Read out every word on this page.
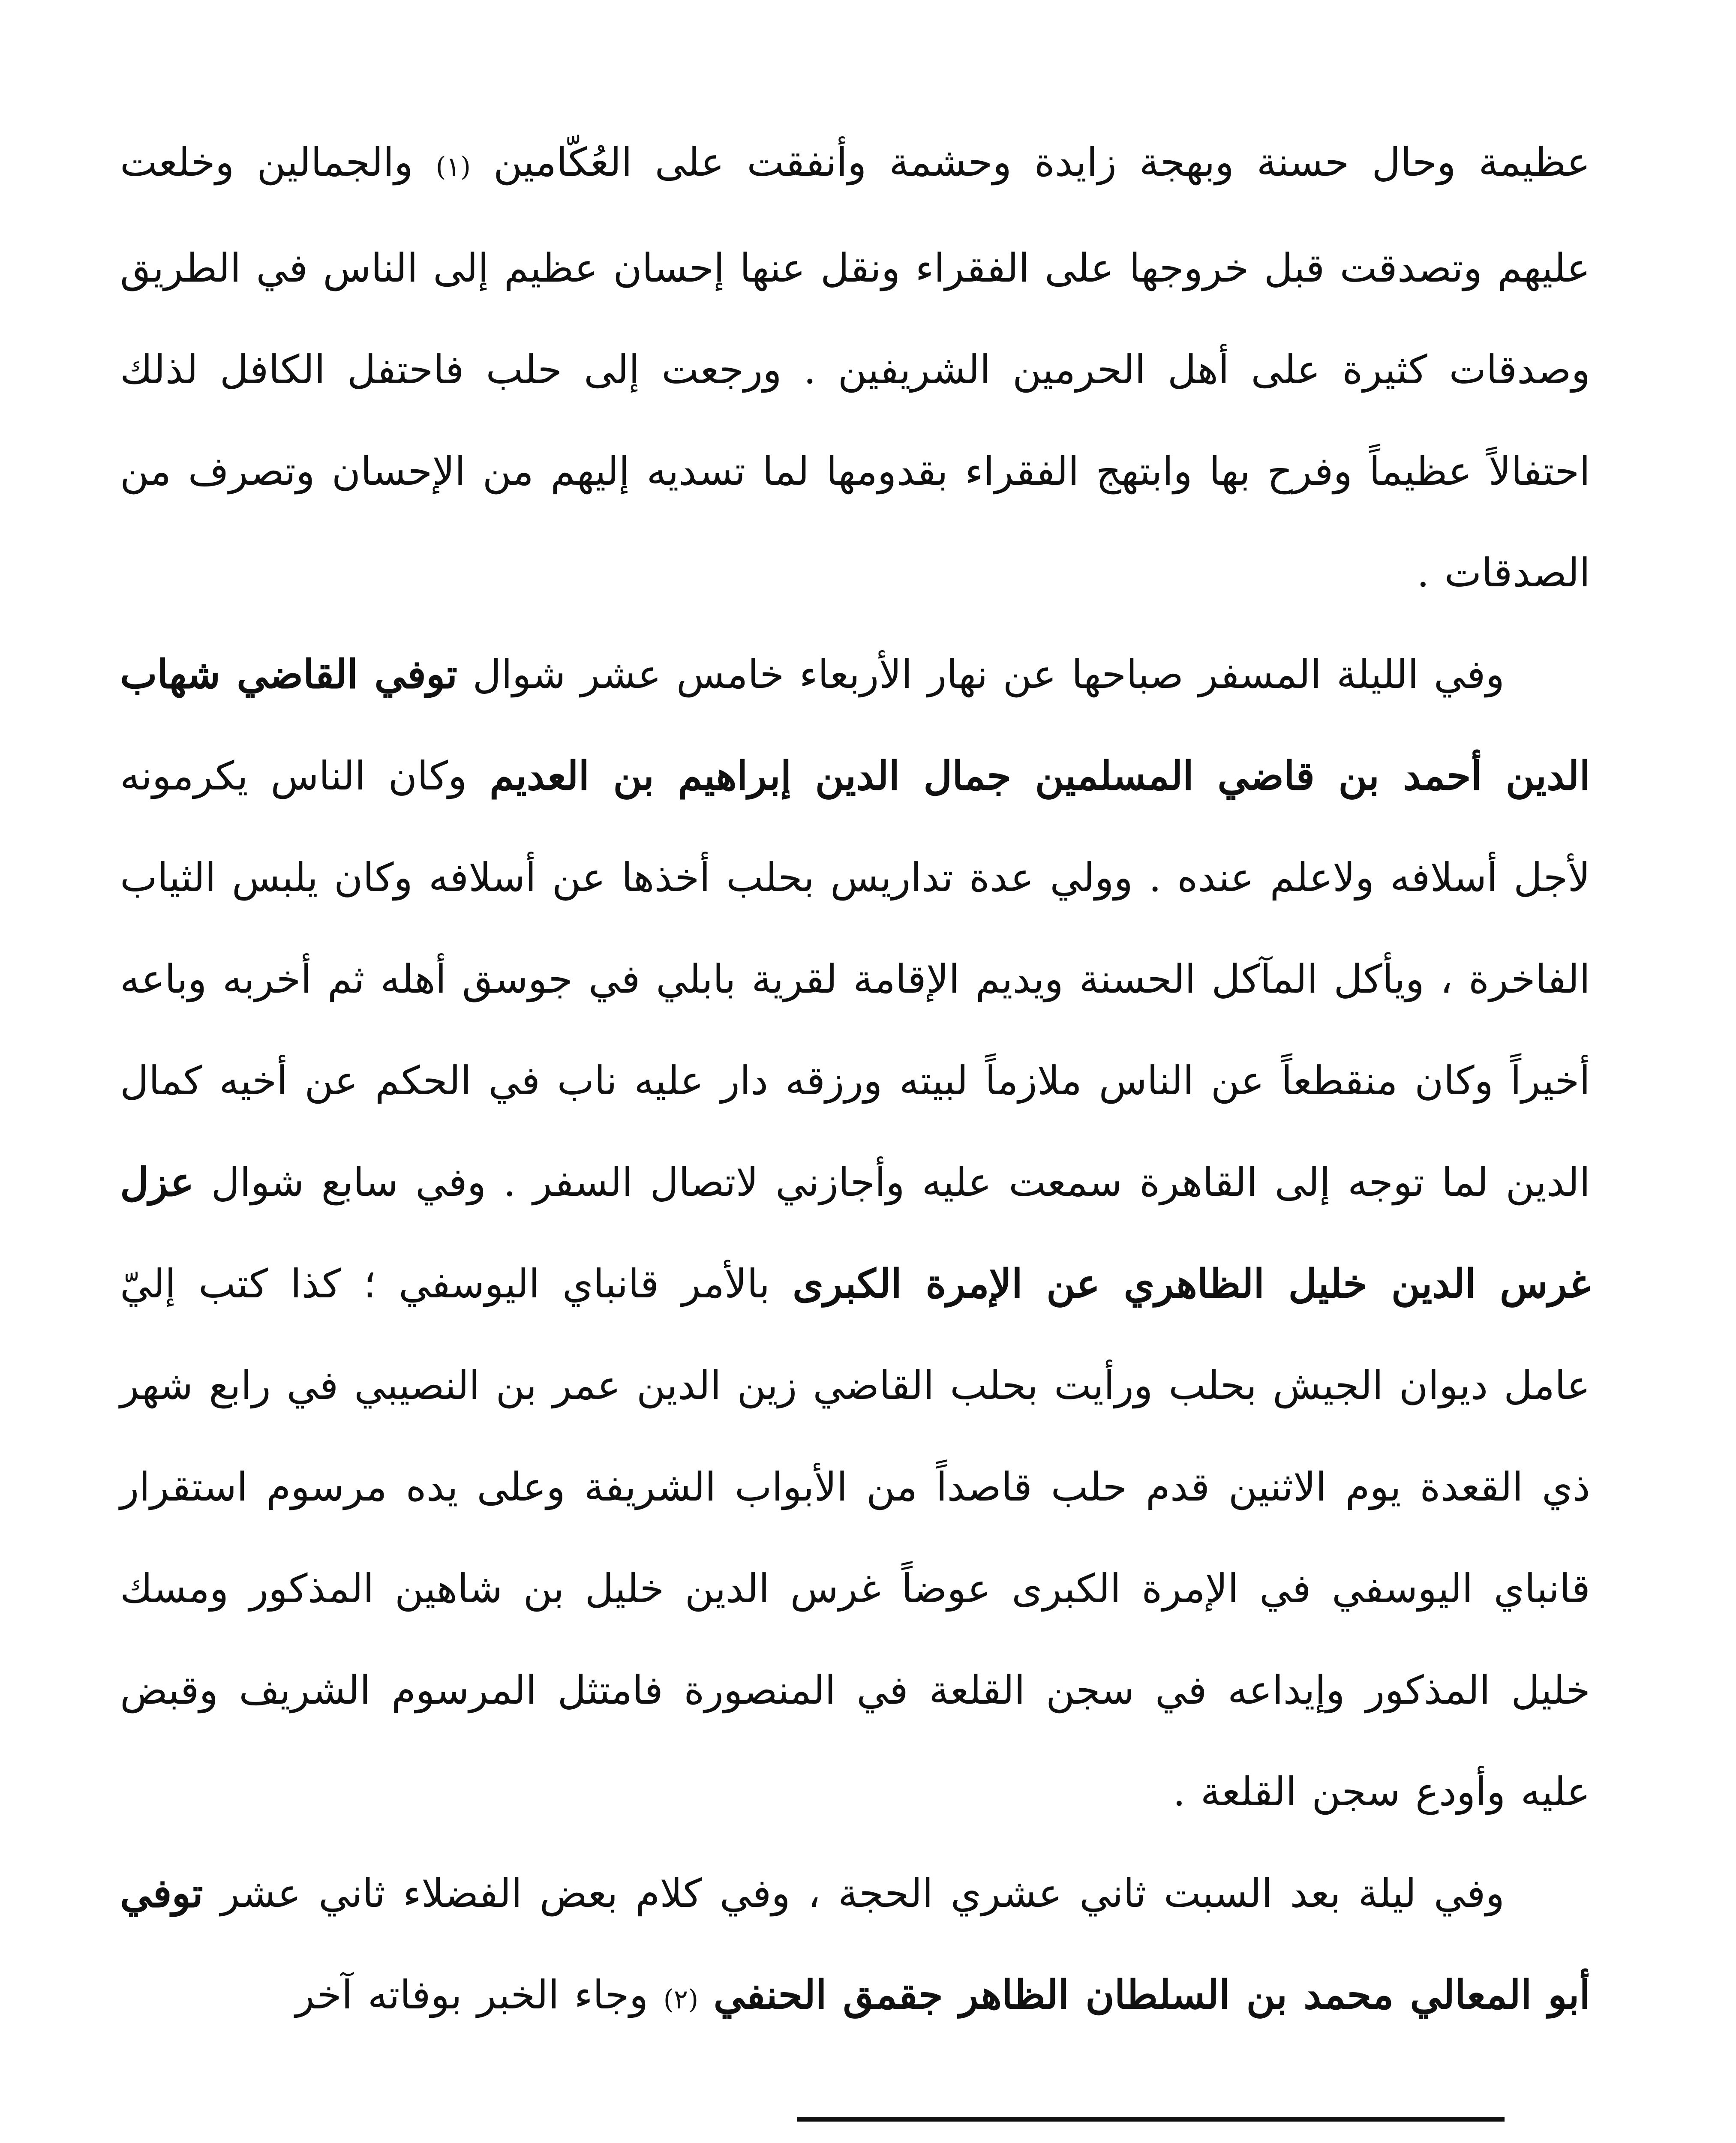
عظيمة وحال حسنة وبهجة زايدة وحشمة وأنفقت على العُكّامين (١) والجمالين وخلعت عليهم وتصدقت قبل خروجها على الفقراء ونقل عنها إحسان عظيم إلى الناس في الطريق وصدقات كثيرة على أهل الحرمين الشريفين . ورجعت إلى حلب فاحتفل الكافل لذلك احتفالاً عظيماً وفرح بها وابتهج الفقراء بقدومها لما تسديه إليهم من الإحسان وتصرف من الصدقات .

وفي الليلة المسفر صباحها عن نهار الأربعاء خامس عشر شوال توفي القاضي شهاب الدين أحمد بن قاضي المسلمين جمال الدين إبراهيم بن العديم وكان الناس يكرمونه لأجل أسلافه ولاعلم عنده . وولي عدة تداريس بحلب أخذها عن أسلافه وكان يلبس الثياب الفاخرة ، ويأكل المآكل الحسنة ويديم الإقامة لقرية بابلي في جوسق أهله ثم أخربه وباعه أخيراً وكان منقطعاً عن الناس ملازماً لبيته ورزقه دار عليه ناب في الحكم عن أخيه كمال الدين لما توجه إلى القاهرة سمعت عليه وأجازني لاتصال السفر . وفي سابع شوال عزل غرس الدين خليل الظاهري عن الإمرة الكبرى بالأمر قانباي اليوسفي ؛ كذا كتب إليّ عامل ديوان الجيش بحلب ورأيت بحلب القاضي زين الدين عمر بن النصيبي في رابع شهر ذي القعدة يوم الاثنين قدم حلب قاصداً من الأبواب الشريفة وعلى يده مرسوم استقرار قانباي اليوسفي في الإمرة الكبرى عوضاً غرس الدين خليل بن شاهين المذكور ومسك خليل المذكور وإيداعه في سجن القلعة في المنصورة فامتثل المرسوم الشريف وقبض عليه وأودع سجن القلعة .

وفي ليلة بعد السبت ثاني عشري الحجة ، وفي كلام بعض الفضلاء ثاني عشر توفي أبو المعالي محمد بن السلطان الظاهر جقمق الحنفي (٢) وجاء الخبر بوفاته آخر
